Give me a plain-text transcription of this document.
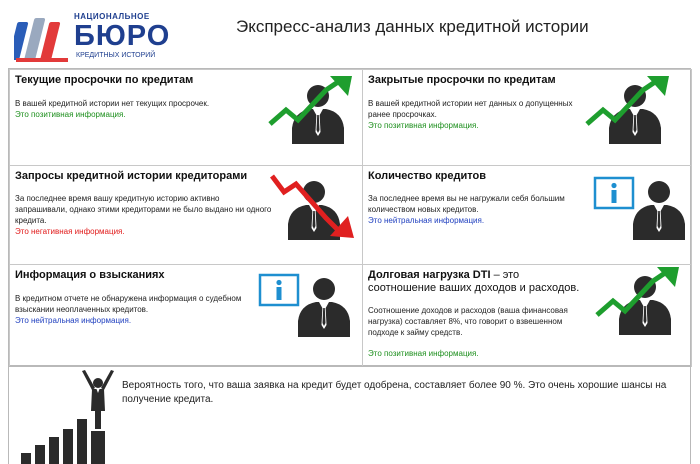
НАЦИОНАЛЬНОЕ
БЮРО
КРЕДИТНЫХ ИСТОРИЙ
Экспресс-анализ данных кредитной истории
Текущие просрочки по кредитам
В вашей кредитной истории нет текущих просрочек.
Это позитивная информация.
Закрытые просрочки по кредитам
В вашей кредитной истории нет данных о допущенных ранее просрочках.
Это позитивная информация.
Запросы кредитной истории кредиторами
За последнее время вашу кредитную историю активно запрашивали, однако этими кредиторами не было выдано ни одного кредита.
Это негативная информация.
Количество кредитов
За последнее время вы не нагружали себя большим количеством новых кредитов.
Это нейтральная информация.
Информация о взысканиях
В кредитном отчете не обнаружена информация о судебном взыскании неоплаченных кредитов.
Это нейтральная информация.
Долговая нагрузка DTI – это
соотношение ваших доходов и расходов.
Соотношение доходов и расходов (ваша финансовая нагрузка) составляет 8%, что говорит о взвешенном подходе к займу средств.
Это позитивная информация.
Вероятность того, что ваша заявка на кредит будет одобрена, составляет более 90 %. Это очень хорошие шансы на получение кредита.
